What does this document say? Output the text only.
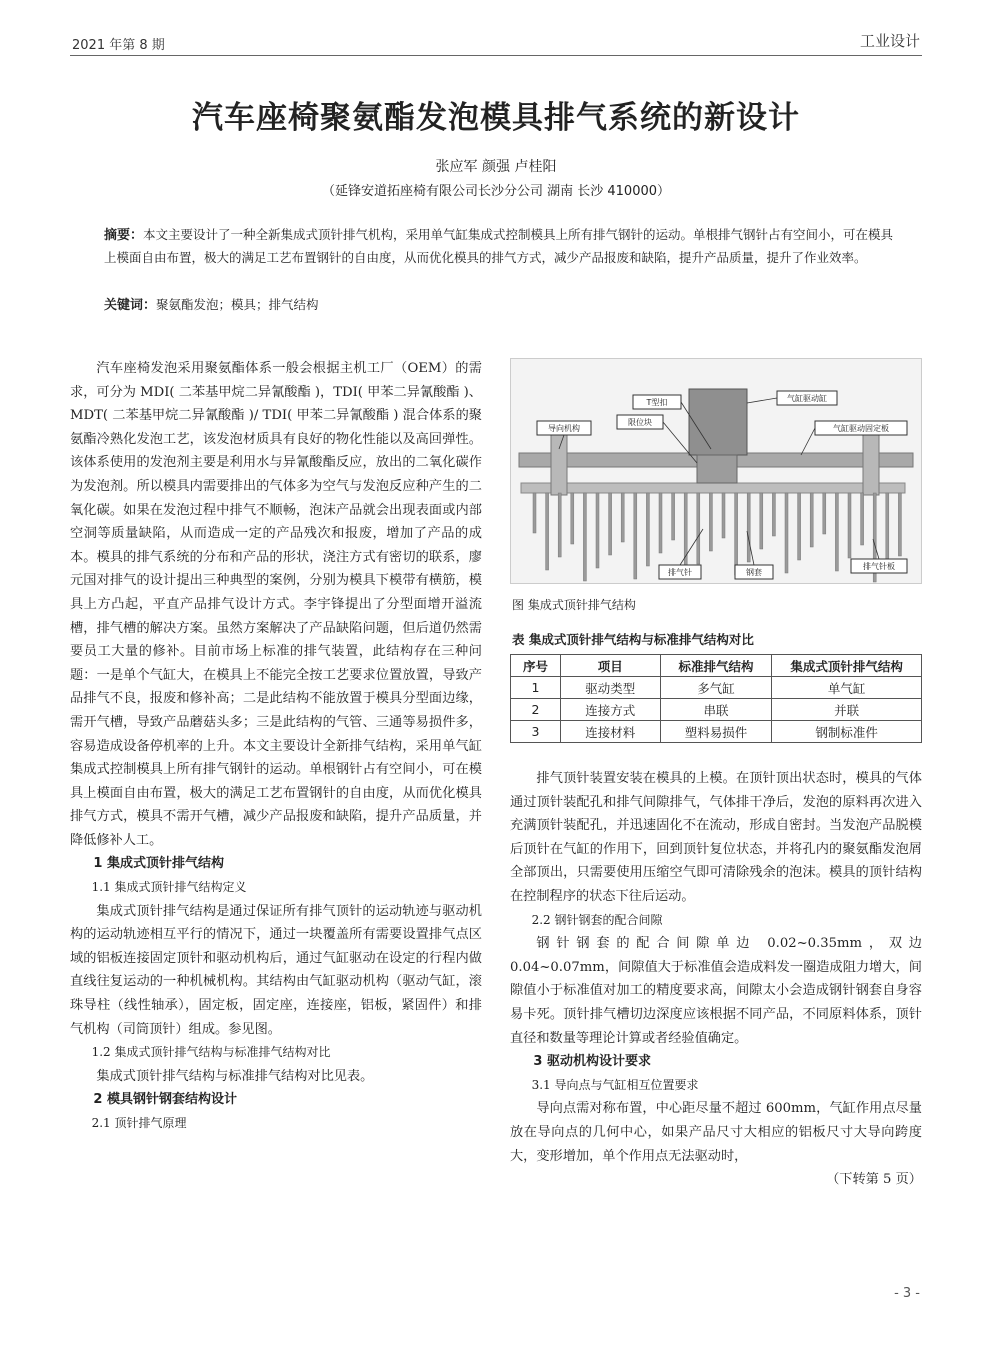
2021 年第 8 期	工业设计
汽车座椅聚氨酯发泡模具排气系统的新设计
张应军 颜强 卢桂阳
（延锋安道拓座椅有限公司长沙分公司 湖南 长沙 410000）
摘要：本文主要设计了一种全新集成式顶针排气机构，采用单气缸集成式控制模具上所有排气钢针的运动。单根排气钢针占有空间小，可在模具上模面自由布置，极大的满足工艺布置钢针的自由度，从而优化模具的排气方式，减少产品报废和缺陷，提升产品质量，提升了作业效率。
关键词：聚氨酯发泡；模具；排气结构

汽车座椅发泡采用聚氨酯体系一般会根据主机工厂（OEM）的需求，可分为 MDI( 二苯基甲烷二异氰酸酯 )，TDI( 甲苯二异氰酸酯 )、MDT( 二苯基甲烷二异氰酸酯 )/ TDI( 甲苯二异氰酸酯 ) 混合体系的聚氨酯冷熟化发泡工艺，该发泡材质具有良好的物化性能以及高回弹性。该体系使用的发泡剂主要是利用水与异氰酸酯反应，放出的二氧化碳作为发泡剂。所以模具内需要排出的气体多为空气与发泡反应种产生的二氧化碳。如果在发泡过程中排气不顺畅，泡沫产品就会出现表面或内部空洞等质量缺陷，从而造成一定的产品残次和报废，增加了产品的成本。模具的排气系统的分布和产品的形状，浇注方式有密切的联系，廖元国对排气的设计提出三种典型的案例，分别为模具下模带有横筋，模具上方凸起，平直产品排气设计方式。李宇锋提出了分型面增开溢流槽，排气槽的解决方案。虽然方案解决了产品缺陷问题，但后道仍然需要员工大量的修补。目前市场上标准的排气装置，此结构存在三种问题：一是单个气缸大，在模具上不能完全按工艺要求位置放置，导致产品排气不良，报废和修补高；二是此结构不能放置于模具分型面边缘，需开气槽，导致产品蘑菇头多；三是此结构的气管、三通等易损件多，容易造成设备停机率的上升。本文主要设计全新排气结构，采用单气缸集成式控制模具上所有排气钢针的运动。单根钢针占有空间小，可在模具上模面自由布置，极大的满足工艺布置钢针的自由度，从而优化模具排气方式，模具不需开气槽，减少产品报废和缺陷，提升产品质量，并降低修补人工。

1 集成式顶针排气结构

1.1 集成式顶针排气结构定义

集成式顶针排气结构是通过保证所有排气顶针的运动轨迹与驱动机构的运动轨迹相互平行的情况下，通过一块覆盖所有需要设置排气点区域的铝板连接固定顶针和驱动机构后，通过气缸驱动在设定的行程内做直线往复运动的一种机械机构。其结构由气缸驱动机构（驱动气缸，滚珠导柱（线性轴承），固定板，固定座，连接座，铝板，紧固件）和排气机构（司筒顶针）组成。参见图。

1.2 集成式顶针排气结构与标准排气结构对比

集成式顶针排气结构与标准排气结构对比见表。

2 模具钢针钢套结构设计

2.1 顶针排气原理

T型扣	气缸驱动缸
导向机构
限位块
气缸驱动固定板
排气针	钢套
排气针板
图 集成式顶针排气结构
表 集成式顶针排气结构与标准排气结构对比
序号	项目	标准排气结构	集成式顶针排气结构
1	驱动类型	多气缸	单气缸
2	连接方式	串联	并联
3	连接材料	塑料易损件	钢制标准件

排气顶针装置安装在模具的上模。在顶针顶出状态时，模具的气体通过顶针装配孔和排气间隙排气，气体排干净后，发泡的原料再次进入充满顶针装配孔，并迅速固化不在流动，形成自密封。当发泡产品脱模后顶针在气缸的作用下，回到顶针复位状态，并将孔内的聚氨酯发泡屑全部顶出，只需要使用压缩空气即可清除残余的泡沫。模具的顶针结构在控制程序的状态下往后运动。

2.2 钢针钢套的配合间隙

钢针钢套的配合间隙单边 0.02~0.35mm，双边 0.04~0.07mm，间隙值大于标准值会造成料发一圈造成阻力增大，间隙值小于标准值对加工的精度要求高，间隙太小会造成钢针钢套自身容易卡死。顶针排气槽切边深度应该根据不同产品，不同原料体系，顶针直径和数量等理论计算或者经验值确定。

3 驱动机构设计要求

3.1 导向点与气缸相互位置要求

导向点需对称布置，中心距尽量不超过 600mm，气缸作用点尽量放在导向点的几何中心，如果产品尺寸大相应的铝板尺寸大导向跨度大，变形增加，单个作用点无法驱动时，

（下转第 5 页）

- 3 -
